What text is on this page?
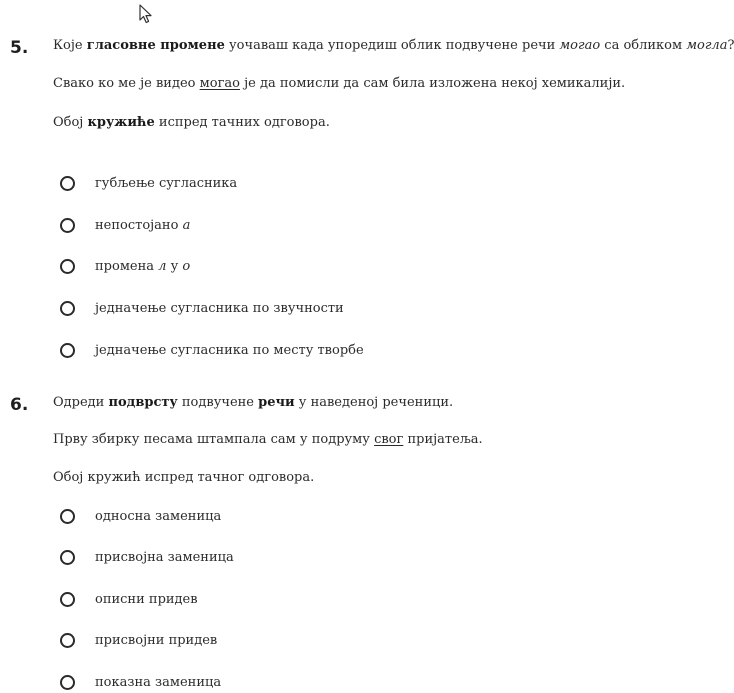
5. Које гласовне промене уочаваш када упоредиш облик подвучене речи могао са обликом могла?
Свако ко ме је видео могао је да помисли да сам била изложена некој хемикалији.
Обој кружиће испред тачних одговора.
губљење сугласника
непостојано а
промена л у о
једначење сугласника по звучности
једначење сугласника по месту творбе
6. Одреди подврсту подвучене речи у наведеној реченици.
Прву збирку песама штампала сам у подруму свог пријатеља.
Обој кружић испред тачног одговора.
односна заменица
присвојна заменица
описни придев
присвојни придев
показна заменица
